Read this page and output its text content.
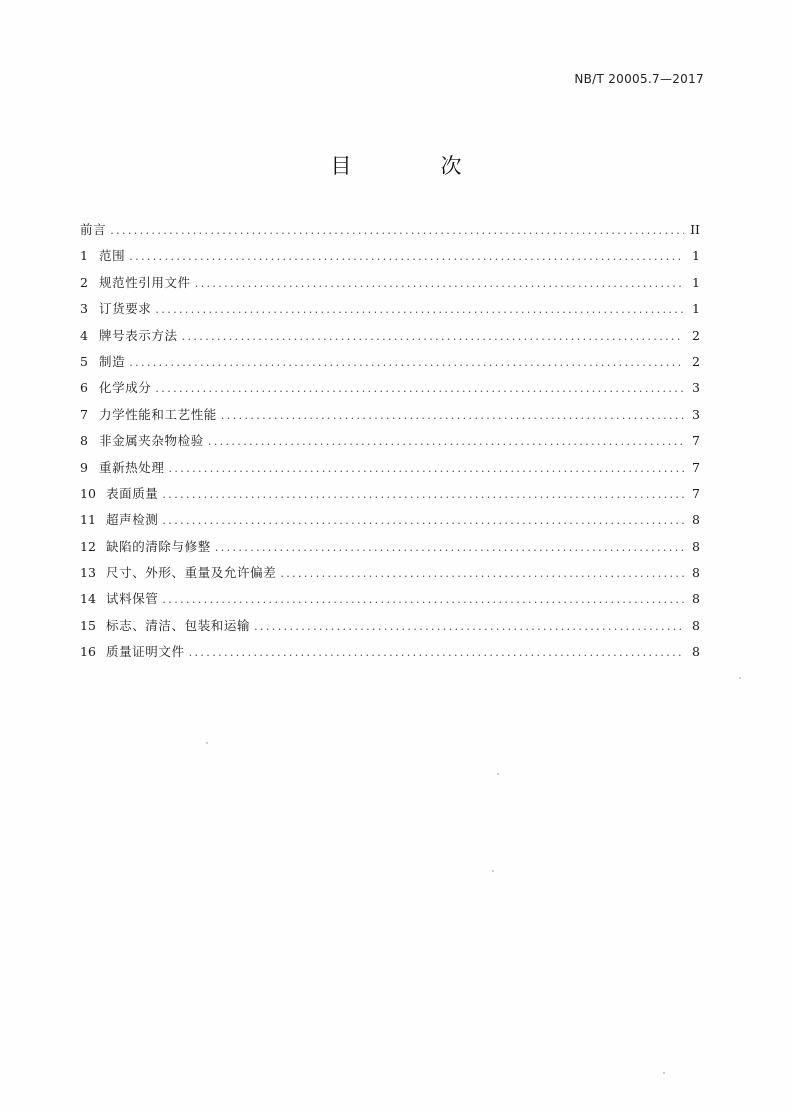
NB/T 20005.7—2017
目　次
前言 .....	II
1 范围 .....	1
2 规范性引用文件 .....	1
3 订货要求 .....	1
4 牌号表示方法 .....	2
5 制造 .....	2
6 化学成分 .....	3
7 力学性能和工艺性能 .....	3
8 非金属夹杂物检验 .....	7
9 重新热处理 .....	7
10 表面质量 .....	7
11 超声检测 .....	8
12 缺陷的清除与修整 .....	8
13 尺寸、外形、重量及允许偏差 .....	8
14 试料保管 .....	8
15 标志、清洁、包装和运输 .....	8
16 质量证明文件 .....	8
